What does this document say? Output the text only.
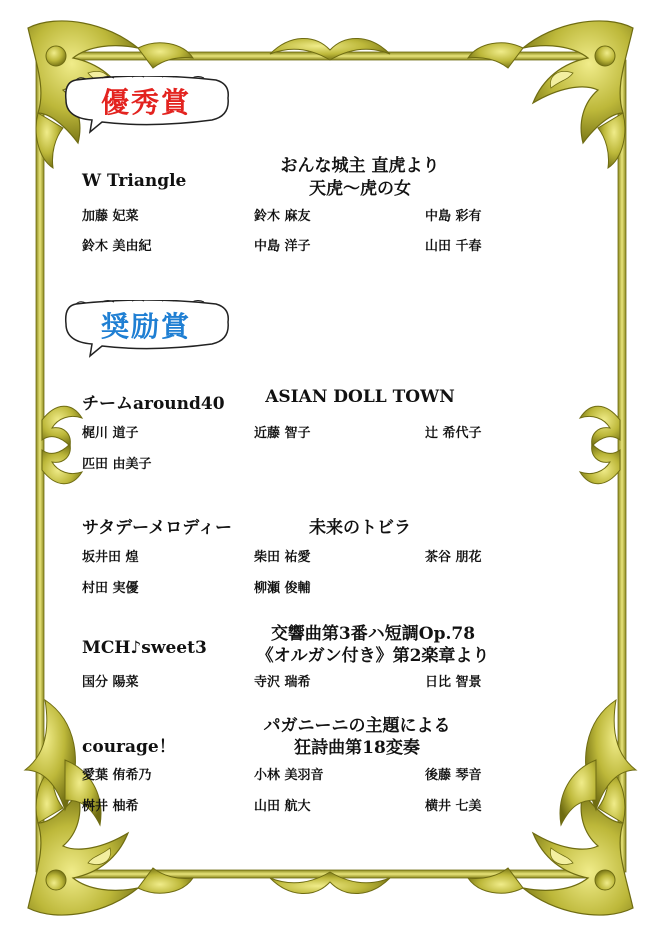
優秀賞
おんな城主 直虎より
天虎～虎の女
W Triangle
加藤 妃菜	鈴木 麻友	中島 彩有
鈴木 美由紀	中島 洋子	山田 千春
奨励賞
チームaround40	ASIAN DOLL TOWN
梶川 道子	近藤 智子	辻 希代子
匹田 由美子
サタデーメロディー	未来のトビラ
坂井田 煌	柴田 祐愛	茶谷 朋花
村田 実優	柳瀬 俊輔
交響曲第3番ハ短調Op.78
《オルガン付き》第2楽章より
MCH♪sweet3
国分 陽菜	寺沢 瑞希	日比 智景
パガニーニの主題による
狂詩曲第18変奏
courage！
愛葉 侑希乃	小林 美羽音	後藤 琴音
桝井 柚希	山田 航大	横井 七美
